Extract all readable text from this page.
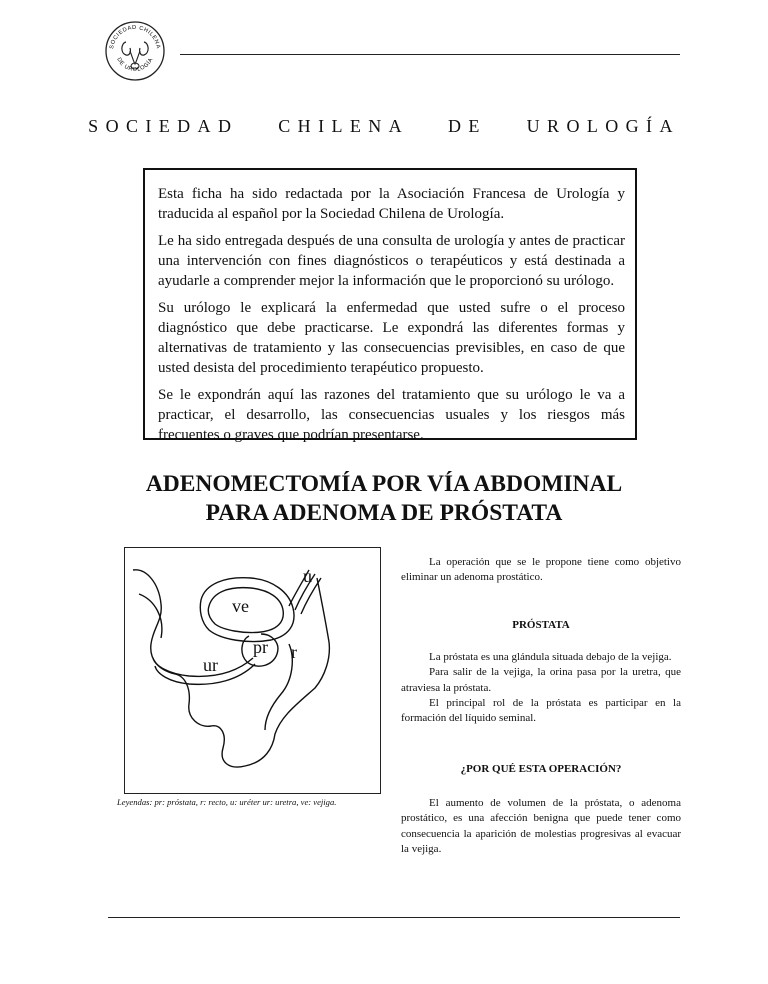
SOCIEDAD CHILENA
DE UROLOGÍA
SOCIEDAD CHILENA DE UROLOGÍA

Esta ficha ha sido redactada por la Asociación Francesa de Urología y traducida al español por la Sociedad Chilena de Urología.

Le ha sido entregada después de una consulta de urología y antes de practicar una intervención con fines diagnósticos o terapéuticos y está destinada a ayudarle a comprender mejor la información que le proporcionó su urólogo.

Su urólogo le explicará la enfermedad que usted sufre o el proceso diagnóstico que debe practicarse. Le expondrá las diferentes formas y alternativas de tratamiento y las consecuencias previsibles, en caso de que usted desista del procedimiento terapéutico propuesto.

Se le expondrán aquí las razones del tratamiento que su urólogo le va a practicar, el desarrollo, las consecuencias usuales y los riesgos más frecuentes o graves que podrían presentarse.

ADENOMECTOMÍA POR VÍA ABDOMINAL
PARA ADENOMA DE PRÓSTATA
u
ve
pr r
ur
Leyendas: pr: próstata, r: recto, u: uréter ur: uretra, ve: vejiga.

La operación que se le propone tiene como objetivo eliminar un adenoma prostático.

PRÓSTATA

La próstata es una glándula situada debajo de la vejiga.

Para salir de la vejiga, la orina pasa por la uretra, que atraviesa la próstata.

El principal rol de la próstata es participar en la formación del líquido seminal.

¿POR QUÉ ESTA OPERACIÓN?

El aumento de volumen de la próstata, o adenoma prostático, es una afección benigna que puede tener como consecuencia la aparición de molestias progresivas al evacuar la vejiga.
